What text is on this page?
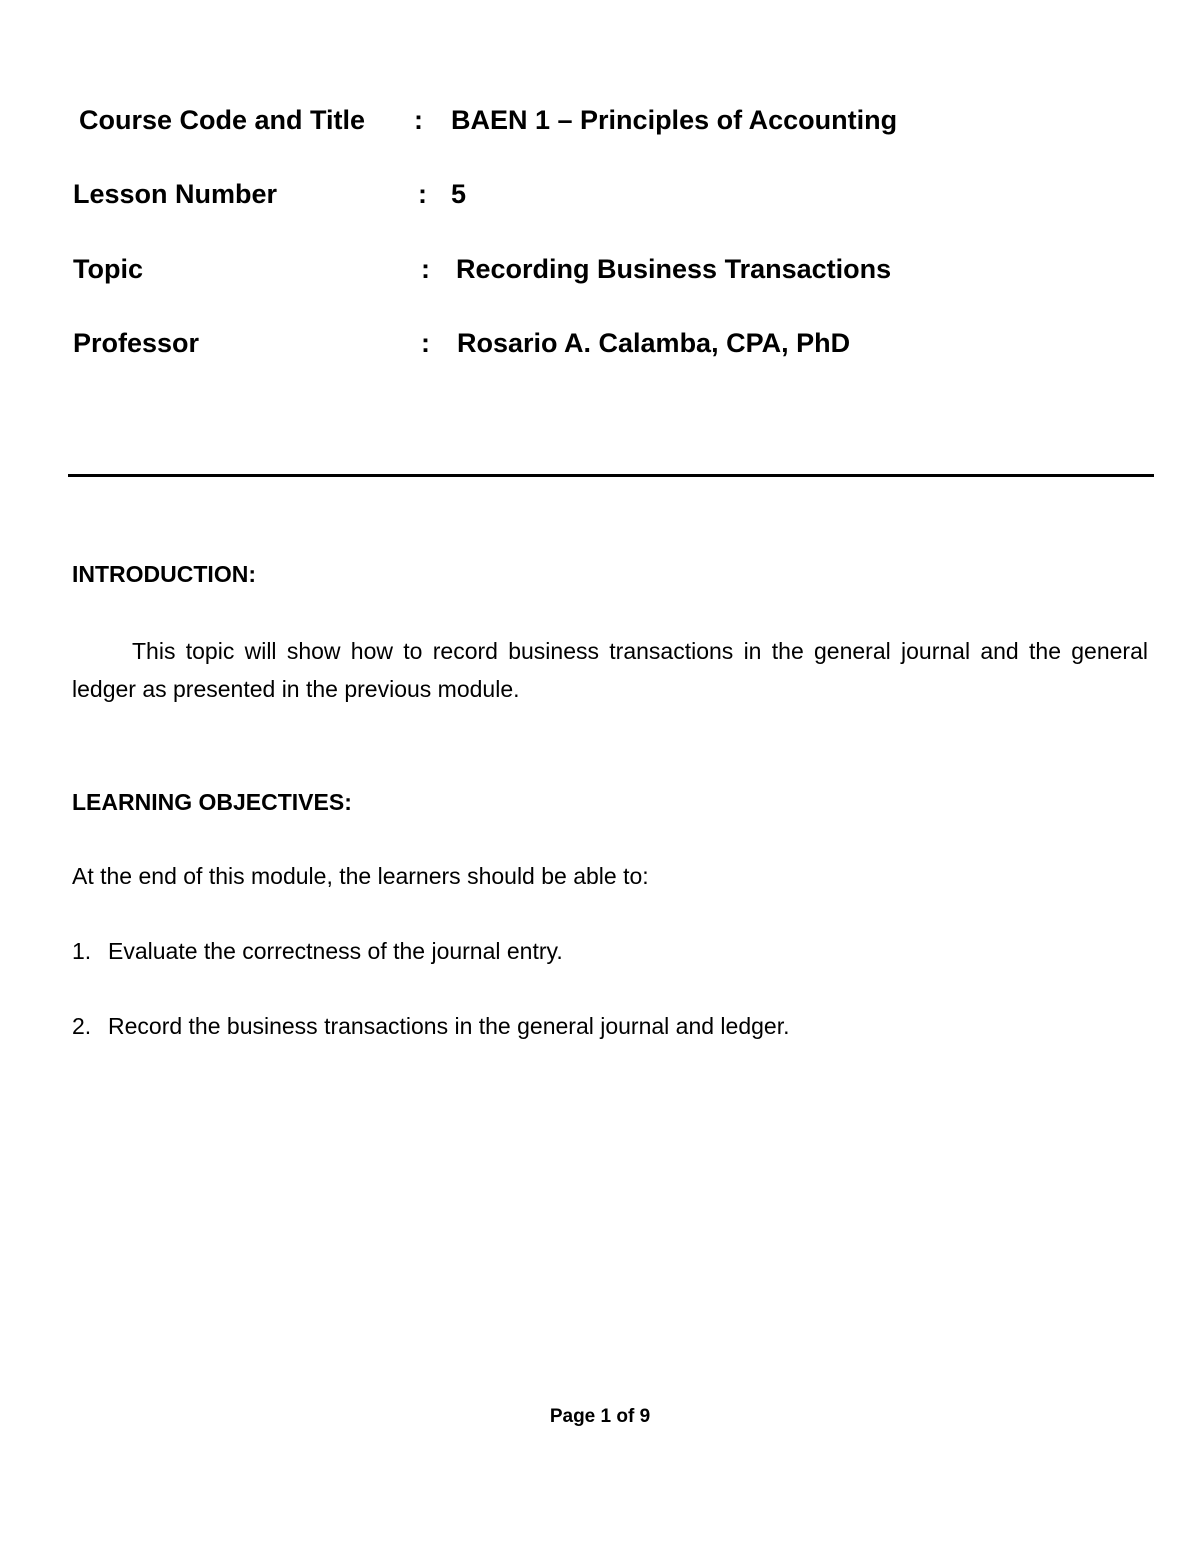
Course Code and Title : BAEN 1 – Principles of Accounting
Lesson Number	: 5
Topic	: Recording Business Transactions
Professor	: Rosario A. Calamba, CPA, PhD
INTRODUCTION:
This topic will show how to record business transactions in the general journal and the general ledger as presented in the previous module.
LEARNING OBJECTIVES:
At the end of this module, the learners should be able to:
1. Evaluate the correctness of the journal entry.
2. Record the business transactions in the general journal and ledger.
Page 1 of 9
